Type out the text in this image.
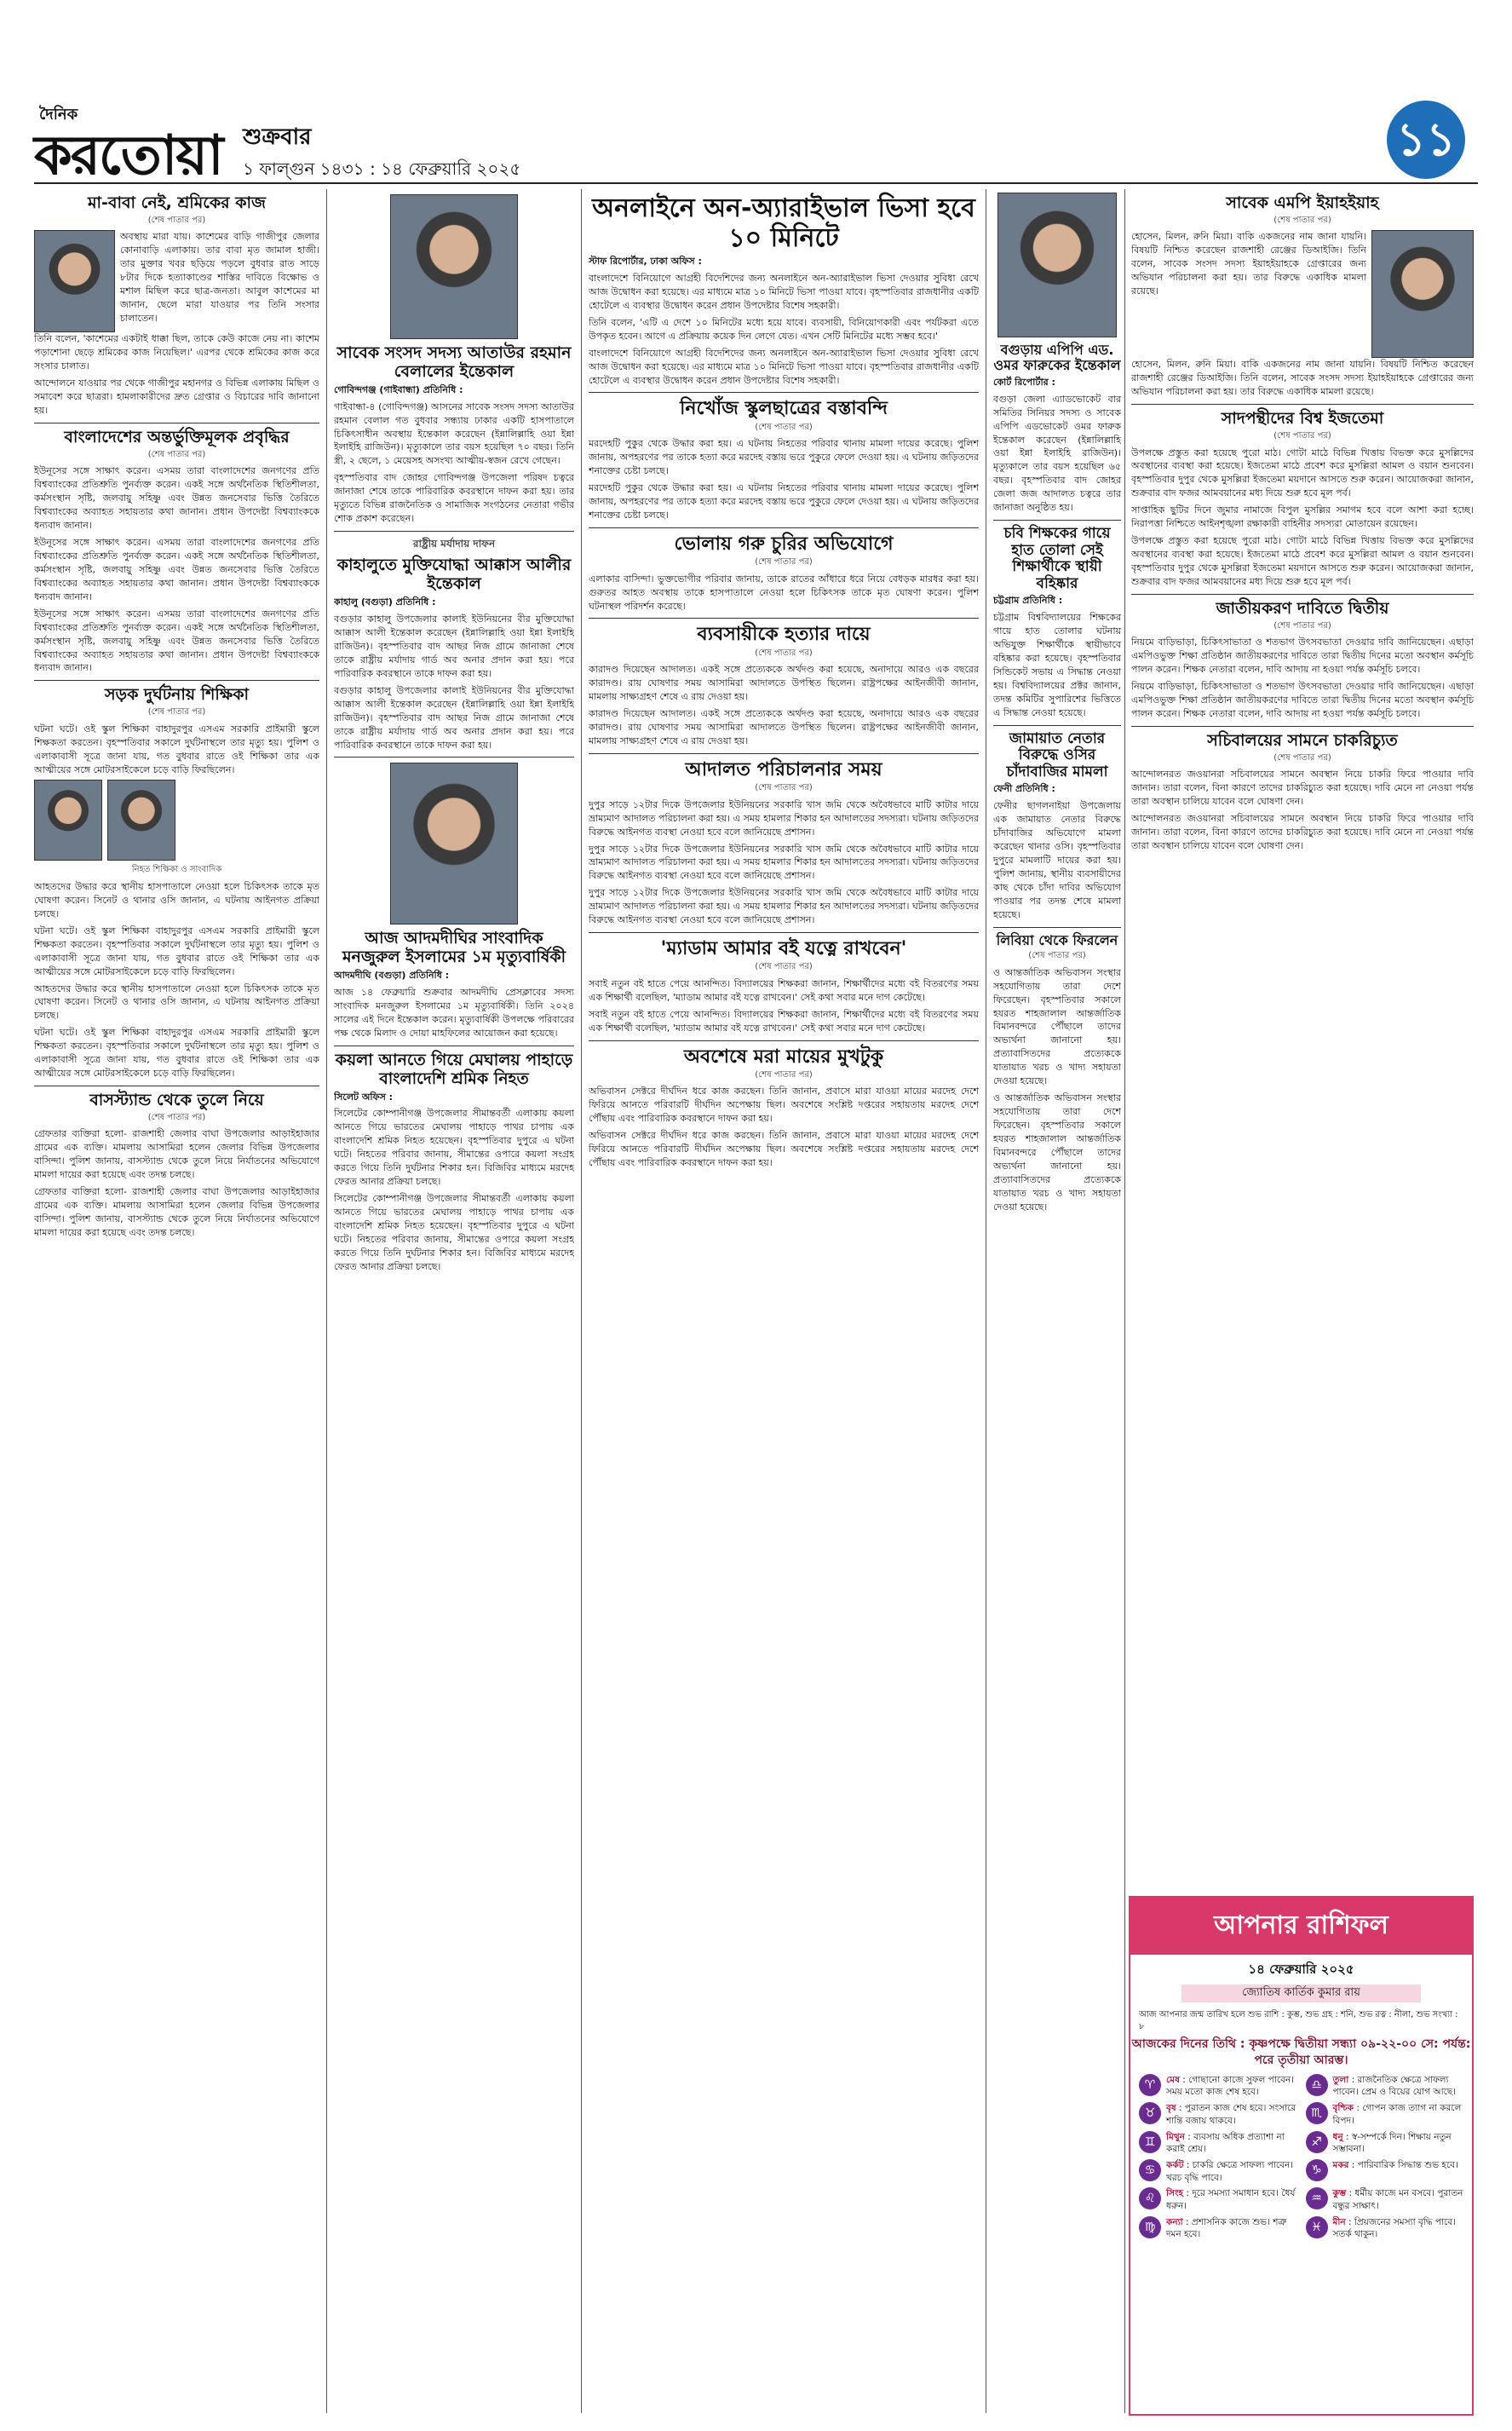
দৈনিক
করতোয়া শুক্রবার
১ ফাল্গুন ১৪৩১ : ১৪ ফেব্রুয়ারি ২০২৫
১১
মা-বাবা নেই, শ্রমিকের কাজ
(শেষ পাতার পর)

অবস্থায় মারা যায়। কাশেমের বাড়ি গাজীপুর জেলার কোনাবাড়ি এলাকায়। তার বাবা মৃত জামাল হাজী। তার মুক্তার খবর ছড়িয়ে পড়লে বুধবার রাত সাড়ে ৮টার দিকে হত্যাকাণ্ডের শাস্তির দাবিতে বিক্ষোভ ও মশাল মিছিল করে ছাত্র-জনতা। আবুল কাশেমের মা জানান, ছেলে মারা যাওয়ার পর তিনি সংসার চালাতেন।

তিনি বলেন, 'কাশেমের একটাই ধাক্কা ছিল, তাকে কেউ কাজে নেয় না। কাশেম পড়াশোনা ছেড়ে শ্রমিকের কাজ নিয়েছিল।' এরপর থেকে শ্রমিকের কাজ করে সংসার চালাত।

আন্দোলনে যাওয়ার পর থেকে গাজীপুর মহানগর ও বিভিন্ন এলাকায় মিছিল ও সমাবেশ করে ছাত্ররা। হামলাকারীদের দ্রুত গ্রেপ্তার ও বিচারের দাবি জানানো হয়।

বাংলাদেশের অন্তর্ভুক্তিমূলক প্রবৃদ্ধির
(শেষ পাতার পর)

ইউনূসের সঙ্গে সাক্ষাৎ করেন। এসময় তারা বাংলাদেশের জনগণের প্রতি বিশ্বব্যাংকের প্রতিশ্রুতি পুনর্ব্যক্ত করেন। একই সঙ্গে অর্থনৈতিক স্থিতিশীলতা, কর্মসংস্থান সৃষ্টি, জলবায়ু সহিষ্ণু এবং উন্নত জনসেবার ভিত্তি তৈরিতে বিশ্বব্যাংকের অব্যাহত সহায়তার কথা জানান। প্রধান উপদেষ্টা বিশ্বব্যাংককে ধন্যবাদ জানান।

ইউনূসের সঙ্গে সাক্ষাৎ করেন। এসময় তারা বাংলাদেশের জনগণের প্রতি বিশ্বব্যাংকের প্রতিশ্রুতি পুনর্ব্যক্ত করেন। একই সঙ্গে অর্থনৈতিক স্থিতিশীলতা, কর্মসংস্থান সৃষ্টি, জলবায়ু সহিষ্ণু এবং উন্নত জনসেবার ভিত্তি তৈরিতে বিশ্বব্যাংকের অব্যাহত সহায়তার কথা জানান। প্রধান উপদেষ্টা বিশ্বব্যাংককে ধন্যবাদ জানান।

ইউনূসের সঙ্গে সাক্ষাৎ করেন। এসময় তারা বাংলাদেশের জনগণের প্রতি বিশ্বব্যাংকের প্রতিশ্রুতি পুনর্ব্যক্ত করেন। একই সঙ্গে অর্থনৈতিক স্থিতিশীলতা, কর্মসংস্থান সৃষ্টি, জলবায়ু সহিষ্ণু এবং উন্নত জনসেবার ভিত্তি তৈরিতে বিশ্বব্যাংকের অব্যাহত সহায়তার কথা জানান। প্রধান উপদেষ্টা বিশ্বব্যাংককে ধন্যবাদ জানান।

সড়ক দুর্ঘটনায় শিক্ষিকা
(শেষ পাতার পর)

ঘটনা ঘটে। ওই স্কুল শিক্ষিকা বাহাদুরপুর এসএম সরকারি প্রাইমারী স্কুলে শিক্ষকতা করতেন। বৃহস্পতিবার সকালে দুর্ঘটনাস্থলে তার মৃত্যু হয়। পুলিশ ও এলাকাবাসী সূত্রে জানা যায়, গত বুধবার রাতে ওই শিক্ষিকা তার এক আত্মীয়ের সঙ্গে মোটরসাইকেলে চড়ে বাড়ি ফিরছিলেন।

নিহত শিক্ষিকা ও সাংবাদিক

আহতদের উদ্ধার করে স্থানীয় হাসপাতালে নেওয়া হলে চিকিৎসক তাকে মৃত ঘোষণা করেন। সিনেট ও থানার ওসি জানান, এ ঘটনায় আইনগত প্রক্রিয়া চলছে।

ঘটনা ঘটে। ওই স্কুল শিক্ষিকা বাহাদুরপুর এসএম সরকারি প্রাইমারী স্কুলে শিক্ষকতা করতেন। বৃহস্পতিবার সকালে দুর্ঘটনাস্থলে তার মৃত্যু হয়। পুলিশ ও এলাকাবাসী সূত্রে জানা যায়, গত বুধবার রাতে ওই শিক্ষিকা তার এক আত্মীয়ের সঙ্গে মোটরসাইকেলে চড়ে বাড়ি ফিরছিলেন।

আহতদের উদ্ধার করে স্থানীয় হাসপাতালে নেওয়া হলে চিকিৎসক তাকে মৃত ঘোষণা করেন। সিনেট ও থানার ওসি জানান, এ ঘটনায় আইনগত প্রক্রিয়া চলছে।

ঘটনা ঘটে। ওই স্কুল শিক্ষিকা বাহাদুরপুর এসএম সরকারি প্রাইমারী স্কুলে শিক্ষকতা করতেন। বৃহস্পতিবার সকালে দুর্ঘটনাস্থলে তার মৃত্যু হয়। পুলিশ ও এলাকাবাসী সূত্রে জানা যায়, গত বুধবার রাতে ওই শিক্ষিকা তার এক আত্মীয়ের সঙ্গে মোটরসাইকেলে চড়ে বাড়ি ফিরছিলেন।

বাসস্ট্যান্ড থেকে তুলে নিয়ে
(শেষ পাতার পর)

গ্রেফতার ব্যক্তিরা হলো- রাজশাহী জেলার বাঘা উপজেলার আড়াইহাজার গ্রামের এক ব্যক্তি। মামলায় আসামিরা হলেন জেলার বিভিন্ন উপজেলার বাসিন্দা। পুলিশ জানায়, বাসস্ট্যান্ড থেকে তুলে নিয়ে নির্যাতনের অভিযোগে মামলা দায়ের করা হয়েছে এবং তদন্ত চলছে।

গ্রেফতার ব্যক্তিরা হলো- রাজশাহী জেলার বাঘা উপজেলার আড়াইহাজার গ্রামের এক ব্যক্তি। মামলায় আসামিরা হলেন জেলার বিভিন্ন উপজেলার বাসিন্দা। পুলিশ জানায়, বাসস্ট্যান্ড থেকে তুলে নিয়ে নির্যাতনের অভিযোগে মামলা দায়ের করা হয়েছে এবং তদন্ত চলছে।

সাবেক সংসদ সদস্য আতাউর রহমান বেলালের ইন্তেকাল

গোবিন্দগঞ্জ (গাইবান্ধা) প্রতিনিধি :

গাইবান্ধা-৪ (গোবিন্দগঞ্জ) আসনের সাবেক সংসদ সদস্য আতাউর রহমান বেলাল গত বুধবার সন্ধ্যায় ঢাকার একটি হাসপাতালে চিকিৎসাধীন অবস্থায় ইন্তেকাল করেছেন (ইন্নালিল্লাহি ওয়া ইন্না ইলাইহি রাজিউন)। মৃত্যুকালে তার বয়স হয়েছিল ৭০ বছর। তিনি স্ত্রী, ২ ছেলে, ১ মেয়েসহ অসংখ্য আত্মীয়-স্বজন রেখে গেছেন।

বৃহস্পতিবার বাদ জোহর গোবিন্দগঞ্জ উপজেলা পরিষদ চত্বরে জানাজা শেষে তাকে পারিবারিক কবরস্থানে দাফন করা হয়। তার মৃত্যুতে বিভিন্ন রাজনৈতিক ও সামাজিক সংগঠনের নেতারা গভীর শোক প্রকাশ করেছেন।

রাষ্ট্রীয় মর্যাদায় দাফন
কাহালুতে মুক্তিযোদ্ধা আক্কাস আলীর ইন্তেকাল

কাহালু (বগুড়া) প্রতিনিধি :

বগুড়ার কাহালু উপজেলার কালাই ইউনিয়নের বীর মুক্তিযোদ্ধা আক্কাস আলী ইন্তেকাল করেছেন (ইন্নালিল্লাহি ওয়া ইন্না ইলাইহি রাজিউন)। বৃহস্পতিবার বাদ আছর নিজ গ্রামে জানাজা শেষে তাকে রাষ্ট্রীয় মর্যাদায় গার্ড অব অনার প্রদান করা হয়। পরে পারিবারিক কবরস্থানে তাকে দাফন করা হয়।

বগুড়ার কাহালু উপজেলার কালাই ইউনিয়নের বীর মুক্তিযোদ্ধা আক্কাস আলী ইন্তেকাল করেছেন (ইন্নালিল্লাহি ওয়া ইন্না ইলাইহি রাজিউন)। বৃহস্পতিবার বাদ আছর নিজ গ্রামে জানাজা শেষে তাকে রাষ্ট্রীয় মর্যাদায় গার্ড অব অনার প্রদান করা হয়। পরে পারিবারিক কবরস্থানে তাকে দাফন করা হয়।

আজ আদমদীঘির সাংবাদিক মনজুরুল ইসলামের ১ম মৃত্যুবার্ষিকী

আদমদীঘি (বগুড়া) প্রতিনিধি :

আজ ১৪ ফেব্রুয়ারি শুক্রবার আদমদীঘি প্রেসক্লাবের সদস্য সাংবাদিক মনজুরুল ইসলামের ১ম মৃত্যুবার্ষিকী। তিনি ২০২৪ সালের এই দিনে ইন্তেকাল করেন। মৃত্যুবার্ষিকী উপলক্ষে পরিবারের পক্ষ থেকে মিলাদ ও দোয়া মাহফিলের আয়োজন করা হয়েছে।

কয়লা আনতে গিয়ে মেঘালয় পাহাড়ে বাংলাদেশি শ্রমিক নিহত

সিলেট অফিস :

সিলেটের কোম্পানীগঞ্জ উপজেলার সীমান্তবর্তী এলাকায় কয়লা আনতে গিয়ে ভারতের মেঘালয় পাহাড়ে পাথর চাপায় এক বাংলাদেশি শ্রমিক নিহত হয়েছেন। বৃহস্পতিবার দুপুরে এ ঘটনা ঘটে। নিহতের পরিবার জানায়, সীমান্তের ওপারে কয়লা সংগ্রহ করতে গিয়ে তিনি দুর্ঘটনার শিকার হন। বিজিবির মাধ্যমে মরদেহ ফেরত আনার প্রক্রিয়া চলছে।

সিলেটের কোম্পানীগঞ্জ উপজেলার সীমান্তবর্তী এলাকায় কয়লা আনতে গিয়ে ভারতের মেঘালয় পাহাড়ে পাথর চাপায় এক বাংলাদেশি শ্রমিক নিহত হয়েছেন। বৃহস্পতিবার দুপুরে এ ঘটনা ঘটে। নিহতের পরিবার জানায়, সীমান্তের ওপারে কয়লা সংগ্রহ করতে গিয়ে তিনি দুর্ঘটনার শিকার হন। বিজিবির মাধ্যমে মরদেহ ফেরত আনার প্রক্রিয়া চলছে।

অনলাইনে অন-অ্যারাইভাল ভিসা হবে ১০ মিনিটে

স্টাফ রিপোর্টার, ঢাকা অফিস :

বাংলাদেশে বিনিয়োগে আগ্রহী বিদেশিদের জন্য অনলাইনে অন-অ্যারাইভাল ভিসা দেওয়ার সুবিধা রেখে আজ উদ্বোধন করা হয়েছে। এর মাধ্যমে মাত্র ১০ মিনিটে ভিসা পাওয়া যাবে। বৃহস্পতিবার রাজধানীর একটি হোটেলে এ ব্যবস্থার উদ্বোধন করেন প্রধান উপদেষ্টার বিশেষ সহকারী।

তিনি বলেন, 'এটি এ দেশে ১০ মিনিটের মধ্যে হয়ে যাবে। ব্যবসায়ী, বিনিয়োগকারী এবং পর্যটকরা এতে উপকৃত হবেন। আগে এ প্রক্রিয়ায় কয়েক দিন লেগে যেত। এখন সেটি মিনিটের মধ্যে সম্ভব হবে।'

বাংলাদেশে বিনিয়োগে আগ্রহী বিদেশিদের জন্য অনলাইনে অন-অ্যারাইভাল ভিসা দেওয়ার সুবিধা রেখে আজ উদ্বোধন করা হয়েছে। এর মাধ্যমে মাত্র ১০ মিনিটে ভিসা পাওয়া যাবে। বৃহস্পতিবার রাজধানীর একটি হোটেলে এ ব্যবস্থার উদ্বোধন করেন প্রধান উপদেষ্টার বিশেষ সহকারী।

নিখোঁজ স্কুলছাত্রের বস্তাবন্দি
(শেষ পাতার পর)

মরদেহটি পুকুর থেকে উদ্ধার করা হয়। এ ঘটনায় নিহতের পরিবার থানায় মামলা দায়ের করেছে। পুলিশ জানায়, অপহরণের পর তাকে হত্যা করে মরদেহ বস্তায় ভরে পুকুরে ফেলে দেওয়া হয়। এ ঘটনায় জড়িতদের শনাক্তের চেষ্টা চলছে।

মরদেহটি পুকুর থেকে উদ্ধার করা হয়। এ ঘটনায় নিহতের পরিবার থানায় মামলা দায়ের করেছে। পুলিশ জানায়, অপহরণের পর তাকে হত্যা করে মরদেহ বস্তায় ভরে পুকুরে ফেলে দেওয়া হয়। এ ঘটনায় জড়িতদের শনাক্তের চেষ্টা চলছে।

ভোলায় গরু চুরির অভিযোগে
(শেষ পাতার পর)

এলাকার বাসিন্দা। ভুক্তভোগীর পরিবার জানায়, তাকে রাতের আঁধারে ধরে নিয়ে বেধড়ক মারধর করা হয়। গুরুতর আহত অবস্থায় তাকে হাসপাতালে নেওয়া হলে চিকিৎসক তাকে মৃত ঘোষণা করেন। পুলিশ ঘটনাস্থল পরিদর্শন করেছে।

ব্যবসায়ীকে হত্যার দায়ে
(শেষ পাতার পর)

কারাদণ্ড দিয়েছেন আদালত। একই সঙ্গে প্রত্যেককে অর্থদণ্ড করা হয়েছে, অনাদায়ে আরও এক বছরের কারাদণ্ড। রায় ঘোষণার সময় আসামিরা আদালতে উপস্থিত ছিলেন। রাষ্ট্রপক্ষের আইনজীবী জানান, মামলায় সাক্ষ্যগ্রহণ শেষে এ রায় দেওয়া হয়।

কারাদণ্ড দিয়েছেন আদালত। একই সঙ্গে প্রত্যেককে অর্থদণ্ড করা হয়েছে, অনাদায়ে আরও এক বছরের কারাদণ্ড। রায় ঘোষণার সময় আসামিরা আদালতে উপস্থিত ছিলেন। রাষ্ট্রপক্ষের আইনজীবী জানান, মামলায় সাক্ষ্যগ্রহণ শেষে এ রায় দেওয়া হয়।

আদালত পরিচালনার সময়
(শেষ পাতার পর)

দুপুর সাড়ে ১২টার দিকে উপজেলার ইউনিয়নের সরকারি খাস জমি থেকে অবৈধভাবে মাটি কাটার দায়ে ভ্রাম্যমাণ আদালত পরিচালনা করা হয়। এ সময় হামলার শিকার হন আদালতের সদস্যরা। ঘটনায় জড়িতদের বিরুদ্ধে আইনগত ব্যবস্থা নেওয়া হবে বলে জানিয়েছে প্রশাসন।

দুপুর সাড়ে ১২টার দিকে উপজেলার ইউনিয়নের সরকারি খাস জমি থেকে অবৈধভাবে মাটি কাটার দায়ে ভ্রাম্যমাণ আদালত পরিচালনা করা হয়। এ সময় হামলার শিকার হন আদালতের সদস্যরা। ঘটনায় জড়িতদের বিরুদ্ধে আইনগত ব্যবস্থা নেওয়া হবে বলে জানিয়েছে প্রশাসন।

দুপুর সাড়ে ১২টার দিকে উপজেলার ইউনিয়নের সরকারি খাস জমি থেকে অবৈধভাবে মাটি কাটার দায়ে ভ্রাম্যমাণ আদালত পরিচালনা করা হয়। এ সময় হামলার শিকার হন আদালতের সদস্যরা। ঘটনায় জড়িতদের বিরুদ্ধে আইনগত ব্যবস্থা নেওয়া হবে বলে জানিয়েছে প্রশাসন।

'ম্যাডাম আমার বই যত্নে রাখবেন'
(শেষ পাতার পর)

সবাই নতুন বই হাতে পেয়ে আনন্দিত। বিদ্যালয়ের শিক্ষকরা জানান, শিক্ষার্থীদের মধ্যে বই বিতরণের সময় এক শিক্ষার্থী বলেছিল, 'ম্যাডাম আমার বই যত্নে রাখবেন।' সেই কথা সবার মনে দাগ কেটেছে।

সবাই নতুন বই হাতে পেয়ে আনন্দিত। বিদ্যালয়ের শিক্ষকরা জানান, শিক্ষার্থীদের মধ্যে বই বিতরণের সময় এক শিক্ষার্থী বলেছিল, 'ম্যাডাম আমার বই যত্নে রাখবেন।' সেই কথা সবার মনে দাগ কেটেছে।

অবশেষে মরা মায়ের মুখটুকু
(শেষ পাতার পর)

অভিবাসন সেক্টরে দীর্ঘদিন ধরে কাজ করছেন। তিনি জানান, প্রবাসে মারা যাওয়া মায়ের মরদেহ দেশে ফিরিয়ে আনতে পরিবারটি দীর্ঘদিন অপেক্ষায় ছিল। অবশেষে সংশ্লিষ্ট দপ্তরের সহায়তায় মরদেহ দেশে পৌঁছায় এবং পারিবারিক কবরস্থানে দাফন করা হয়।

অভিবাসন সেক্টরে দীর্ঘদিন ধরে কাজ করছেন। তিনি জানান, প্রবাসে মারা যাওয়া মায়ের মরদেহ দেশে ফিরিয়ে আনতে পরিবারটি দীর্ঘদিন অপেক্ষায় ছিল। অবশেষে সংশ্লিষ্ট দপ্তরের সহায়তায় মরদেহ দেশে পৌঁছায় এবং পারিবারিক কবরস্থানে দাফন করা হয়।

বগুড়ায় এপিপি এড. ওমর ফারুকের ইন্তেকাল

কোর্ট রিপোর্টার :

বগুড়া জেলা এ্যাডভোকেট বার সমিতির সিনিয়র সদস্য ও সাবেক এপিপি এডভোকেট ওমর ফারুক ইন্তেকাল করেছেন (ইন্নালিল্লাহি ওয়া ইন্না ইলাইহি রাজিউন)। মৃত্যুকালে তার বয়স হয়েছিল ৬৫ বছর। বৃহস্পতিবার বাদ জোহর জেলা জজ আদালত চত্বরে তার জানাজা অনুষ্ঠিত হয়।

চবি শিক্ষকের গায়ে হাত তোলা সেই শিক্ষার্থীকে স্থায়ী বহিষ্কার

চট্টগ্রাম প্রতিনিধি :

চট্টগ্রাম বিশ্ববিদ্যালয়ের শিক্ষকের গায়ে হাত তোলার ঘটনায় অভিযুক্ত শিক্ষার্থীকে স্থায়ীভাবে বহিষ্কার করা হয়েছে। বৃহস্পতিবার সিন্ডিকেট সভায় এ সিদ্ধান্ত নেওয়া হয়। বিশ্ববিদ্যালয়ের প্রক্টর জানান, তদন্ত কমিটির সুপারিশের ভিত্তিতে এ সিদ্ধান্ত নেওয়া হয়েছে।

জামায়াত নেতার বিরুদ্ধে ওসির চাঁদাবাজির মামলা

ফেনী প্রতিনিধি :

ফেনীর ছাগলনাইয়া উপজেলায় এক জামায়াত নেতার বিরুদ্ধে চাঁদাবাজির অভিযোগে মামলা করেছেন থানার ওসি। বৃহস্পতিবার দুপুরে মামলাটি দায়ের করা হয়। পুলিশ জানায়, স্থানীয় ব্যবসায়ীদের কাছ থেকে চাঁদা দাবির অভিযোগ পাওয়ার পর তদন্ত শেষে মামলা হয়েছে।

লিবিয়া থেকে ফিরলেন
(শেষ পাতার পর)

ও আন্তর্জাতিক অভিবাসন সংস্থার সহযোগিতায় তারা দেশে ফিরেছেন। বৃহস্পতিবার সকালে হযরত শাহজালাল আন্তর্জাতিক বিমানবন্দরে পৌঁছালে তাদের অভ্যর্থনা জানানো হয়। প্রত্যাবাসিতদের প্রত্যেককে যাতায়াত খরচ ও খাদ্য সহায়তা দেওয়া হয়েছে।

ও আন্তর্জাতিক অভিবাসন সংস্থার সহযোগিতায় তারা দেশে ফিরেছেন। বৃহস্পতিবার সকালে হযরত শাহজালাল আন্তর্জাতিক বিমানবন্দরে পৌঁছালে তাদের অভ্যর্থনা জানানো হয়। প্রত্যাবাসিতদের প্রত্যেককে যাতায়াত খরচ ও খাদ্য সহায়তা দেওয়া হয়েছে।

সাবেক এমপি ইয়াহইয়াহ
(শেষ পাতার পর)

হোসেন, মিলন, রুনি মিয়া। বাকি একজনের নাম জানা যায়নি। বিষয়টি নিশ্চিত করেছেন রাজশাহী রেঞ্জের ডিআইজি। তিনি বলেন, সাবেক সংসদ সদস্য ইয়াহইয়াহকে গ্রেপ্তারের জন্য অভিযান পরিচালনা করা হয়। তার বিরুদ্ধে একাধিক মামলা রয়েছে।

হোসেন, মিলন, রুনি মিয়া। বাকি একজনের নাম জানা যায়নি। বিষয়টি নিশ্চিত করেছেন রাজশাহী রেঞ্জের ডিআইজি। তিনি বলেন, সাবেক সংসদ সদস্য ইয়াহইয়াহকে গ্রেপ্তারের জন্য অভিযান পরিচালনা করা হয়। তার বিরুদ্ধে একাধিক মামলা রয়েছে।

সাদপন্থীদের বিশ্ব ইজতেমা
(শেষ পাতার পর)

উপলক্ষে প্রস্তুত করা হয়েছে পুরো মাঠ। গোটা মাঠে বিভিন্ন খিত্তায় বিভক্ত করে মুসল্লিদের অবস্থানের ব্যবস্থা করা হয়েছে। ইজতেমা মাঠে প্রবেশ করে মুসল্লিরা আমল ও বয়ান শুনবেন। বৃহস্পতিবার দুপুর থেকে মুসল্লিরা ইজতেমা ময়দানে আসতে শুরু করেন। আয়োজকরা জানান, শুক্রবার বাদ ফজর আমবয়ানের মধ্য দিয়ে শুরু হবে মূল পর্ব।

সাপ্তাহিক ছুটির দিনে জুমার নামাজে বিপুল মুসল্লির সমাগম হবে বলে আশা করা হচ্ছে। নিরাপত্তা নিশ্চিতে আইনশৃঙ্খলা রক্ষাকারী বাহিনীর সদস্যরা মোতায়েন রয়েছেন।

উপলক্ষে প্রস্তুত করা হয়েছে পুরো মাঠ। গোটা মাঠে বিভিন্ন খিত্তায় বিভক্ত করে মুসল্লিদের অবস্থানের ব্যবস্থা করা হয়েছে। ইজতেমা মাঠে প্রবেশ করে মুসল্লিরা আমল ও বয়ান শুনবেন। বৃহস্পতিবার দুপুর থেকে মুসল্লিরা ইজতেমা ময়দানে আসতে শুরু করেন। আয়োজকরা জানান, শুক্রবার বাদ ফজর আমবয়ানের মধ্য দিয়ে শুরু হবে মূল পর্ব।

জাতীয়করণ দাবিতে দ্বিতীয়
(শেষ পাতার পর)

নিয়মে বাড়িভাড়া, চিকিৎসাভাতা ও শতভাগ উৎসবভাতা দেওয়ার দাবি জানিয়েছেন। এছাড়া এমপিওভুক্ত শিক্ষা প্রতিষ্ঠান জাতীয়করণের দাবিতে তারা দ্বিতীয় দিনের মতো অবস্থান কর্মসূচি পালন করেন। শিক্ষক নেতারা বলেন, দাবি আদায় না হওয়া পর্যন্ত কর্মসূচি চলবে।

নিয়মে বাড়িভাড়া, চিকিৎসাভাতা ও শতভাগ উৎসবভাতা দেওয়ার দাবি জানিয়েছেন। এছাড়া এমপিওভুক্ত শিক্ষা প্রতিষ্ঠান জাতীয়করণের দাবিতে তারা দ্বিতীয় দিনের মতো অবস্থান কর্মসূচি পালন করেন। শিক্ষক নেতারা বলেন, দাবি আদায় না হওয়া পর্যন্ত কর্মসূচি চলবে।

সচিবালয়ের সামনে চাকরিচ্যুত
(শেষ পাতার পর)

আন্দোলনরত জওয়ানরা সচিবালয়ের সামনে অবস্থান নিয়ে চাকরি ফিরে পাওয়ার দাবি জানান। তারা বলেন, বিনা কারণে তাদের চাকরিচ্যুত করা হয়েছে। দাবি মেনে না নেওয়া পর্যন্ত তারা অবস্থান চালিয়ে যাবেন বলে ঘোষণা দেন।

আন্দোলনরত জওয়ানরা সচিবালয়ের সামনে অবস্থান নিয়ে চাকরি ফিরে পাওয়ার দাবি জানান। তারা বলেন, বিনা কারণে তাদের চাকরিচ্যুত করা হয়েছে। দাবি মেনে না নেওয়া পর্যন্ত তারা অবস্থান চালিয়ে যাবেন বলে ঘোষণা দেন।

আপনার রাশিফল
১৪ ফেব্রুয়ারি ২০২৫
জ্যোতিষ কার্তিক কুমার রায়
আজ আপনার জন্ম তারিখ হলে শুভ রাশি : কুম্ভ, শুভ গ্রহ : শনি, শুভ রত্ন : নীলা, শুভ সংখ্যা : ৮
আজকের দিনের তিথি : কৃষ্ণপক্ষে দ্বিতীয়া সন্ধ্যা ০৯-২২-০০ সে: পর্যন্ত: পরে তৃতীয়া আরম্ভ।
♈	মেষ : গোছানো কাজে সুফল পাবেন। সময় মতো কাজ শেষ হবে।
♎	তুলা : রাজনৈতিক ক্ষেত্রে সাফল্য পাবেন। প্রেম ও বিয়ের যোগ আছে।
♉	বৃষ : পুরাতন কাজ শেষ হবে। সংসারে শান্তি বজায় থাকবে।
♏	বৃশ্চিক : গোপন কাজ ত্যাগ না করলে বিপদ।
♊	মিথুন : ব্যবসায় অধিক প্রত্যাশা না করাই শ্রেয়।
♐	ধনু : স্ব-সম্পর্কে দিন। শিক্ষায় নতুন সম্ভাবনা।
♋	কর্কট : চাকরি ক্ষেত্রে সাফল্য পাবেন। খরচ বৃদ্ধি পাবে।
♑	মকর : পারিবারিক সিদ্ধান্ত শুভ হবে।
♌	সিংহ : দূরে সমস্যা সমাধান হবে। ধৈর্য ধরুন।
♒	কুম্ভ : ধর্মীয় কাজে মন বসবে। পুরাতন বন্ধুর সাক্ষাৎ।
♍	কন্যা : প্রশাসনিক কাজে শুভ। শত্রু দমন হবে।
♓	মীন : প্রিয়জনের সমস্যা বৃদ্ধি পাবে। সতর্ক থাকুন।
